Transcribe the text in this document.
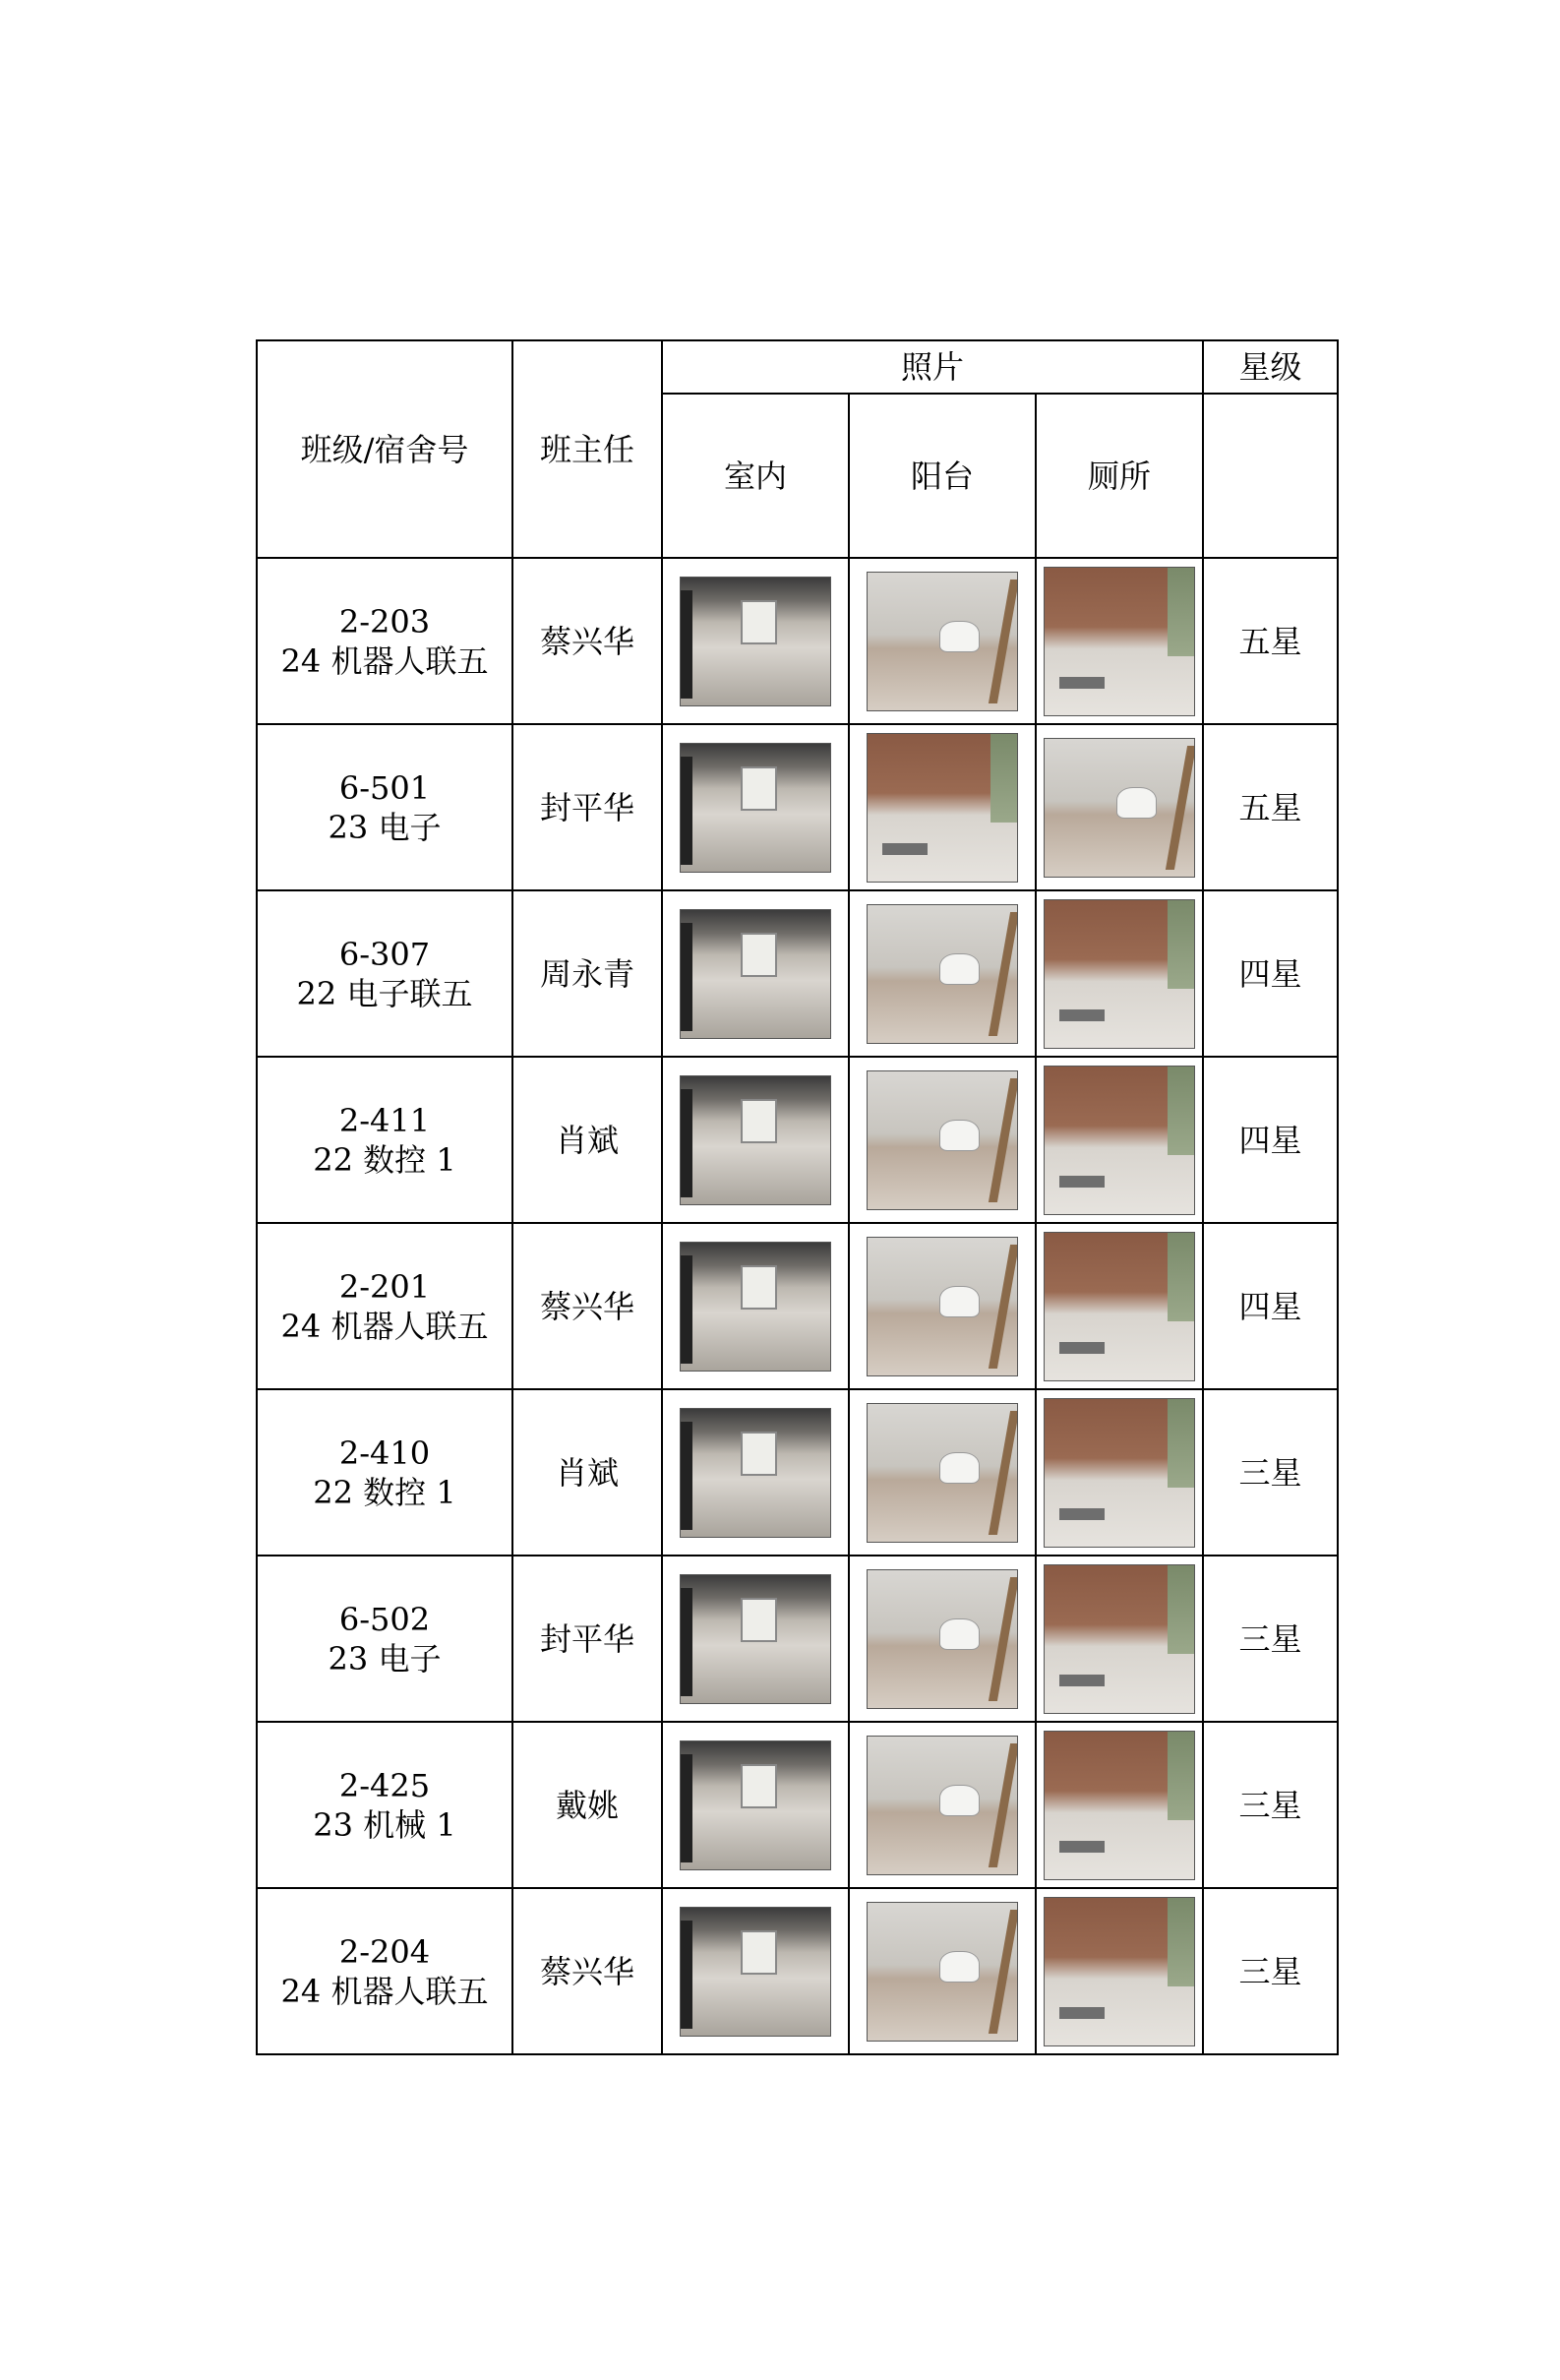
班级/宿舍号	班主任	照片			星级
		室内	阳台	厕所	

2-203
24 机器人联五	蔡兴华				五星

6-501
23 电子	封平华				五星

6-307
22 电子联五	周永青				四星

2-411
22 数控 1	肖斌				四星

2-201
24 机器人联五	蔡兴华				四星

2-410
22 数控 1	肖斌				三星

6-502
23 电子	封平华				三星

2-425
23 机械 1	戴姚				三星

2-204
24 机器人联五	蔡兴华				三星
